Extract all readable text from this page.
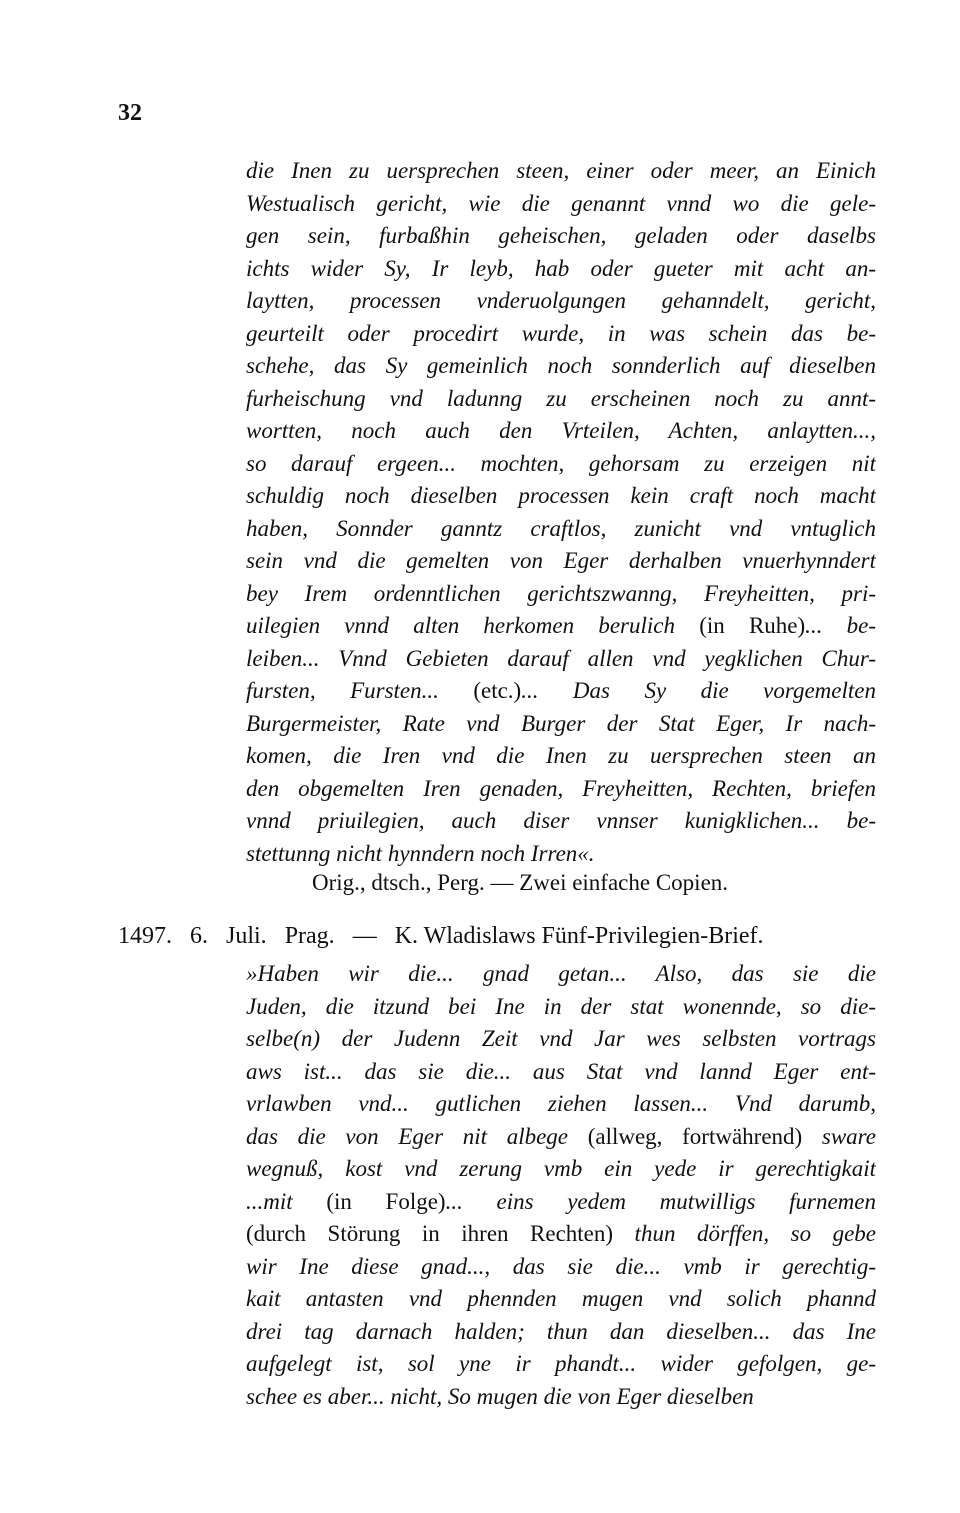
32
die Inen zu uersprechen steen, einer oder meer, an Einich
Westualisch gericht, wie die genannt vnnd wo die gele-
gen sein, furbaßhin geheischen, geladen oder daselbs
ichts wider Sy, Ir leyb, hab oder gueter mit acht an-
laytten, processen vnderuolgungen gehanndelt, gericht,
geurteilt oder procedirt wurde, in was schein das be-
schehe, das Sy gemeinlich noch sonnderlich auf dieselben
furheischung vnd ladunng zu erscheinen noch zu annt-
wortten, noch auch den Vrteilen, Achten, anlaytten...,
so darauf ergeen... mochten, gehorsam zu erzeigen nit
schuldig noch dieselben processen kein craft noch macht
haben, Sonnder ganntz craftlos, zunicht vnd vntuglich
sein vnd die gemelten von Eger derhalben vnuerhynndert
bey Irem ordenntlichen gerichtszwanng, Freyheitten, pri-
uilegien vnnd alten herkomen berulich (in Ruhe)... be-
leiben... Vnnd Gebieten darauf allen vnd yegklichen Chur-
fursten, Fursten... (etc.)... Das Sy die vorgemelten
Burgermeister, Rate vnd Burger der Stat Eger, Ir nach-
komen, die Iren vnd die Inen zu uersprechen steen an
den obgemelten Iren genaden, Freyheitten, Rechten, briefen
vnnd priuilegien, auch diser vnnser kunigklichen... be-
stettunng nicht hynndern noch Irren«.
Orig., dtsch., Perg. — Zwei einfache Copien.
1497. 6. Juli. Prag. — K. Wladislaws Fünf-Privilegien-Brief.
»Haben wir die... gnad getan... Also, das sie die
Juden, die itzund bei Ine in der stat wonennde, so die-
selbe(n) der Judenn Zeit vnd Jar wes selbsten vortrags
aws ist... das sie die... aus Stat vnd lannd Eger ent-
vrlawben vnd... gutlichen ziehen lassen... Vnd darumb,
das die von Eger nit albege (allweg, fortwährend) sware
wegnuß, kost vnd zerung vmb ein yede ir gerechtigkait
...mit (in Folge)... eins yedem mutwilligs furnemen
(durch Störung in ihren Rechten) thun dörffen, so gebe
wir Ine diese gnad..., das sie die... vmb ir gerechtig-
kait antasten vnd phennden mugen vnd solich phannd
drei tag darnach halden; thun dan dieselben... das Ine
aufgelegt ist, sol yne ir phandt... wider gefolgen, ge-
schee es aber... nicht, So mugen die von Eger dieselben
